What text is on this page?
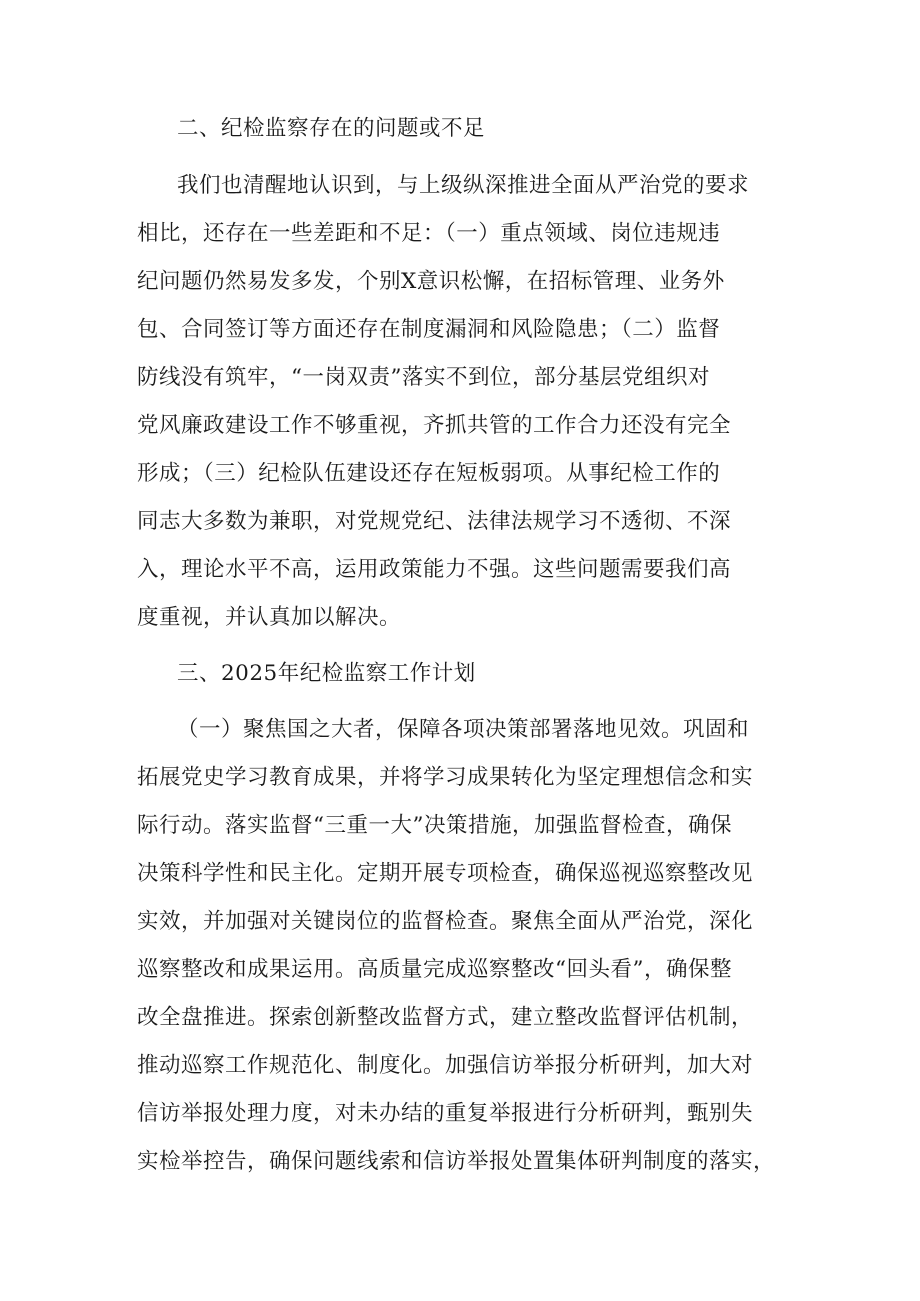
二、纪检监察存在的问题或不足
我们也清醒地认识到，与上级纵深推进全面从严治党的要求
相比，还存在一些差距和不足：（一）重点领域、岗位违规违
纪问题仍然易发多发，个别X意识松懈，在招标管理、业务外
包、合同签订等方面还存在制度漏洞和风险隐患；（二）监督
防线没有筑牢，“一岗双责”落实不到位，部分基层党组织对
党风廉政建设工作不够重视，齐抓共管的工作合力还没有完全
形成；（三）纪检队伍建设还存在短板弱项。从事纪检工作的
同志大多数为兼职，对党规党纪、法律法规学习不透彻、不深
入，理论水平不高，运用政策能力不强。这些问题需要我们高
度重视，并认真加以解决。
三、2025年纪检监察工作计划
（一）聚焦国之大者，保障各项决策部署落地见效。巩固和
拓展党史学习教育成果，并将学习成果转化为坚定理想信念和实
际行动。落实监督“三重一大”决策措施，加强监督检查，确保
决策科学性和民主化。定期开展专项检查，确保巡视巡察整改见
实效，并加强对关键岗位的监督检查。聚焦全面从严治党，深化
巡察整改和成果运用。高质量完成巡察整改“回头看”，确保整
改全盘推进。探索创新整改监督方式，建立整改监督评估机制，
推动巡察工作规范化、制度化。加强信访举报分析研判，加大对
信访举报处理力度，对未办结的重复举报进行分析研判，甄别失
实检举控告，确保问题线索和信访举报处置集体研判制度的落实，
